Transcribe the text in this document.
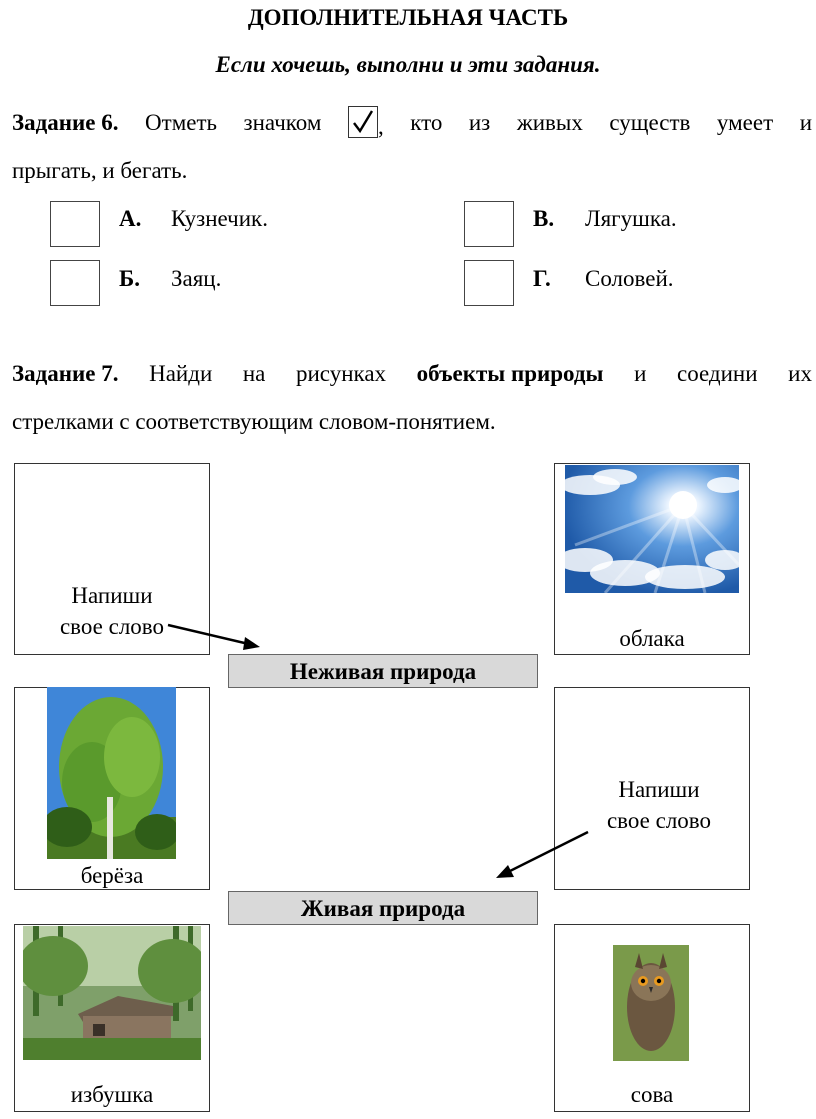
ДОПОЛНИТЕЛЬНАЯ ЧАСТЬ
Если хочешь, выполни и эти задания.
Задание 6. Отметь значком , кто из живых существ умеет и
прыгать, и бегать.
А. Кузнечик.
Б. Заяц.
В. Лягушка.
Г. Соловей.
Задание 7. Найди на рисунках объекты природы и соедини их
стрелками с соответствующим словом-понятием.
Напиши
свое слово	облака
Неживая природа
берёза
Напиши
свое слово
Живая природа
избушка	сова
